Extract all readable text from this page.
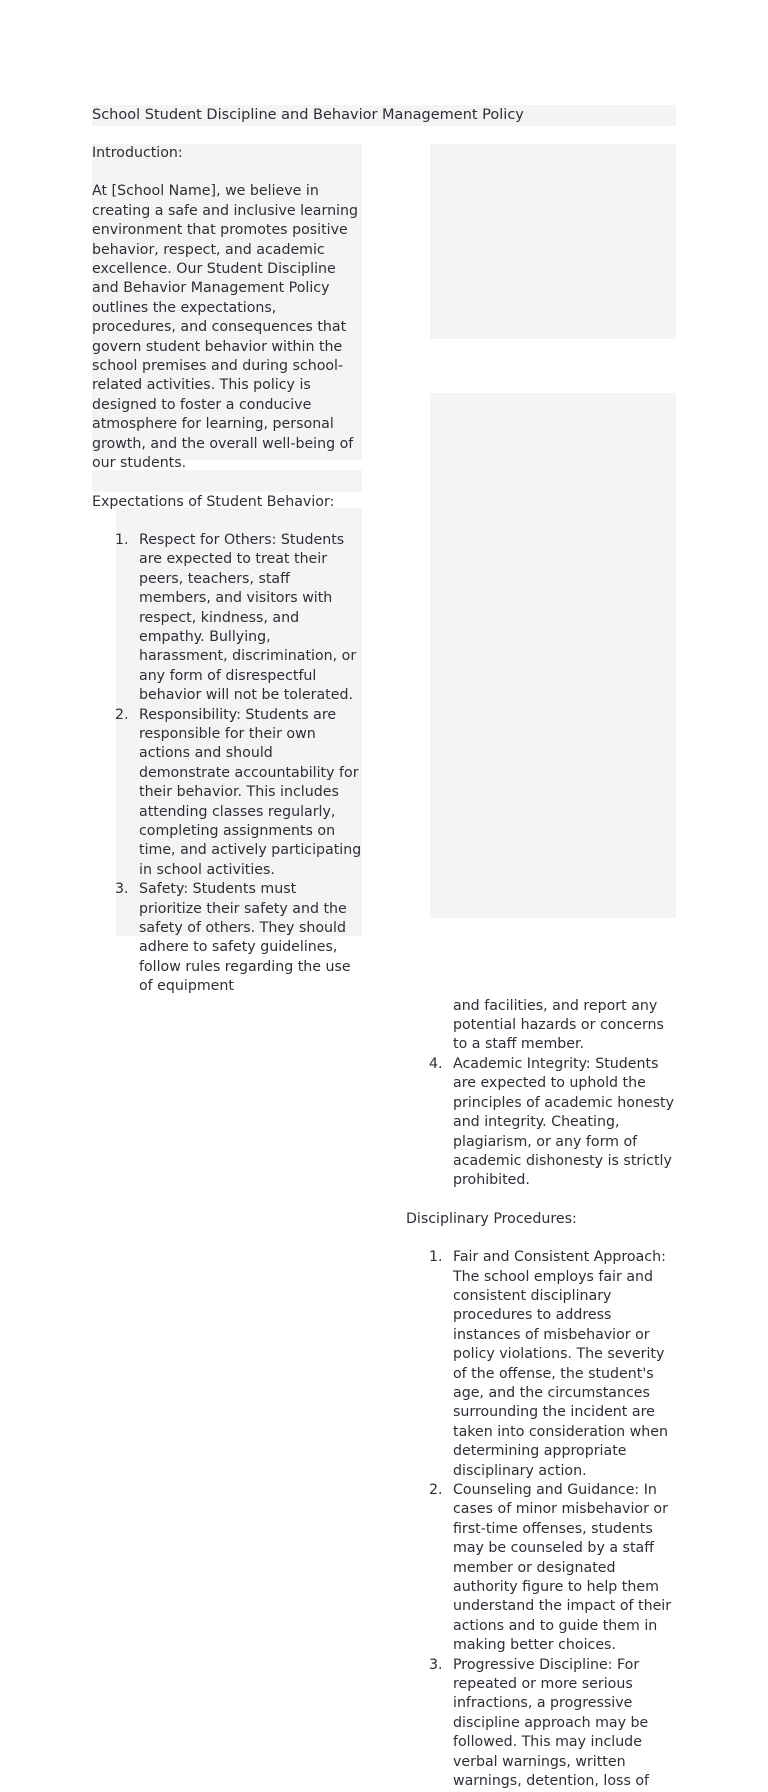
School Student Discipline and Behavior Management Policy

Introduction:

At [School Name], we believe in creating a safe and inclusive learning environment that promotes positive behavior, respect, and academic excellence. Our Student Discipline and Behavior Management Policy outlines the expectations, procedures, and consequences that govern student behavior within the school premises and during school-related activities. This policy is designed to foster a conducive atmosphere for learning, personal growth, and the overall well-being of our students.

Expectations of Student Behavior:

1. Respect for Others: Students are expected to treat their peers, teachers, staff members, and visitors with respect, kindness, and empathy. Bullying, harassment, discrimination, or any form of disrespectful behavior will not be tolerated.
2. Responsibility: Students are responsible for their own actions and should demonstrate accountability for their behavior. This includes attending classes regularly, completing assignments on time, and actively participating in school activities.
3. Safety: Students must prioritize their safety and the safety of others. They should adhere to safety guidelines, follow rules regarding the use of equipment
and facilities, and report any potential hazards or concerns to a staff member.
4. Academic Integrity: Students are expected to uphold the principles of academic honesty and integrity. Cheating, plagiarism, or any form of academic dishonesty is strictly prohibited.

Disciplinary Procedures:

1. Fair and Consistent Approach: The school employs fair and consistent disciplinary procedures to address instances of misbehavior or policy violations. The severity of the offense, the student's age, and the circumstances surrounding the incident are taken into consideration when determining appropriate disciplinary action.
2. Counseling and Guidance: In cases of minor misbehavior or first-time offenses, students may be counseled by a staff member or designated authority figure to help them understand the impact of their actions and to guide them in making better choices.
3. Progressive Discipline: For repeated or more serious infractions, a progressive discipline approach may be followed. This may include verbal warnings, written warnings, detention, loss of
